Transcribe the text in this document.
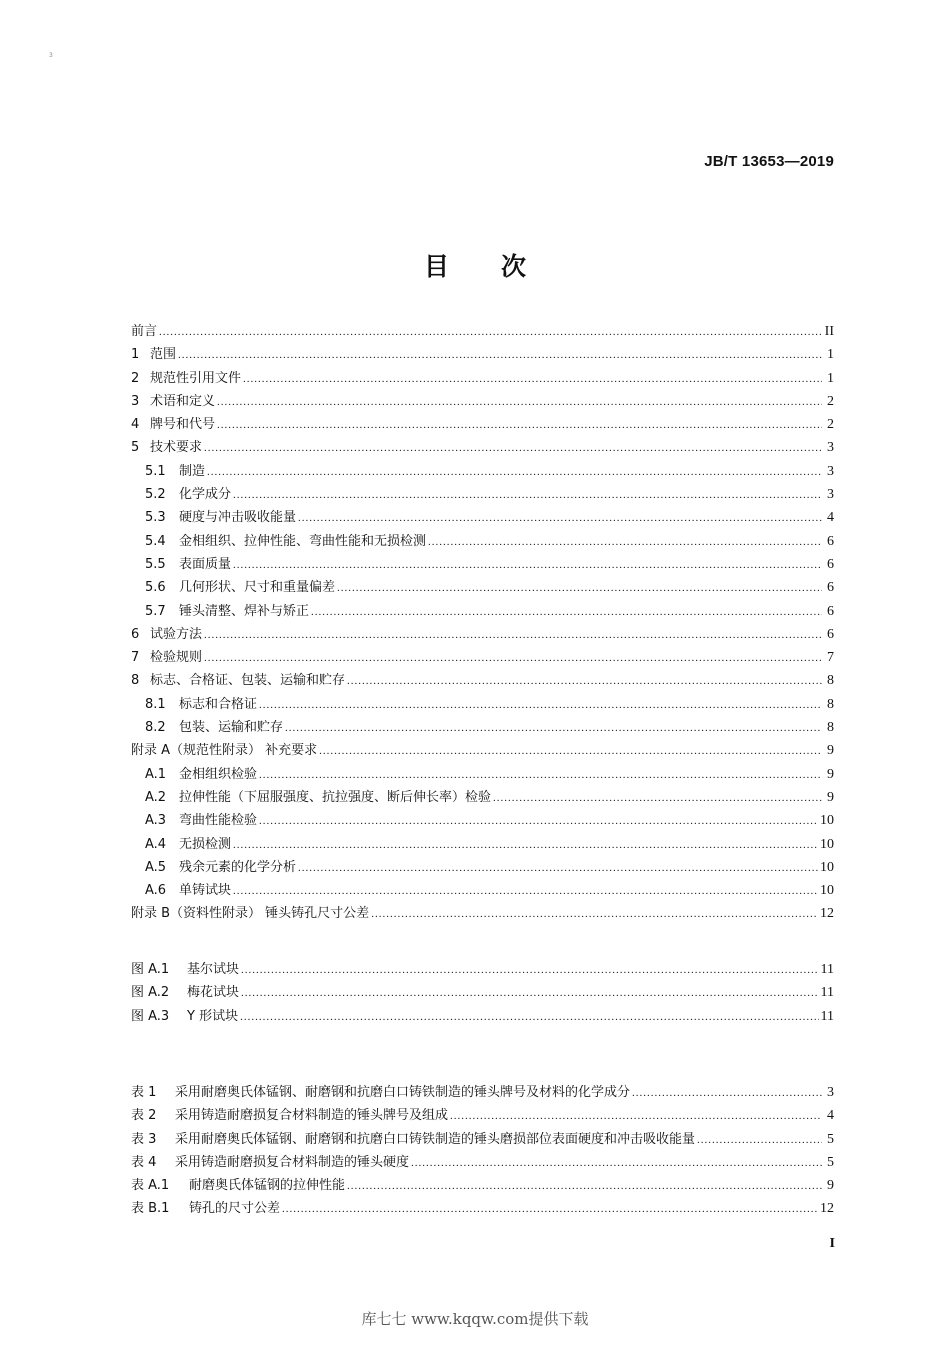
3
JB/T 13653—2019
目次
前言 .....	II
1 范围 .....	1
2 规范性引用文件 .....	1
3 术语和定义 .....	2
4 牌号和代号 .....	2
5 技术要求 .....	3
5.1 制造 .....	3
5.2 化学成分 .....	3
5.3 硬度与冲击吸收能量 .....	4
5.4 金相组织、拉伸性能、弯曲性能和无损检测 .....	6
5.5 表面质量 .....	6
5.6 几何形状、尺寸和重量偏差 .....	6
5.7 锤头清整、焊补与矫正 .....	6
6 试验方法 .....	6
7 检验规则 .....	7
8 标志、合格证、包装、运输和贮存 .....	8
8.1 标志和合格证 .....	8
8.2 包装、运输和贮存 .....	8
附录 A（规范性附录） 补充要求 .....	9
A.1 金相组织检验 .....	9
A.2 拉伸性能（下屈服强度、抗拉强度、断后伸长率）检验 .....	9
A.3 弯曲性能检验 .....	10
A.4 无损检测 .....	10
A.5 残余元素的化学分析 .....	10
A.6 单铸试块 .....	10
附录 B（资料性附录） 锤头铸孔尺寸公差 .....	12
图 A.1 基尔试块 .....	11
图 A.2 梅花试块 .....	11
图 A.3 Y 形试块 .....	11
表 1 采用耐磨奥氏体锰钢、耐磨钢和抗磨白口铸铁制造的锤头牌号及材料的化学成分 .....	3
表 2 采用铸造耐磨损复合材料制造的锤头牌号及组成 .....	4
表 3 采用耐磨奥氏体锰钢、耐磨钢和抗磨白口铸铁制造的锤头磨损部位表面硬度和冲击吸收能量 .....	5
表 4 采用铸造耐磨损复合材料制造的锤头硬度 .....	5
表 A.1 耐磨奥氏体锰钢的拉伸性能 .....	9
表 B.1 铸孔的尺寸公差 .....	12
I
库七七 www.kqqw.com提供下载
